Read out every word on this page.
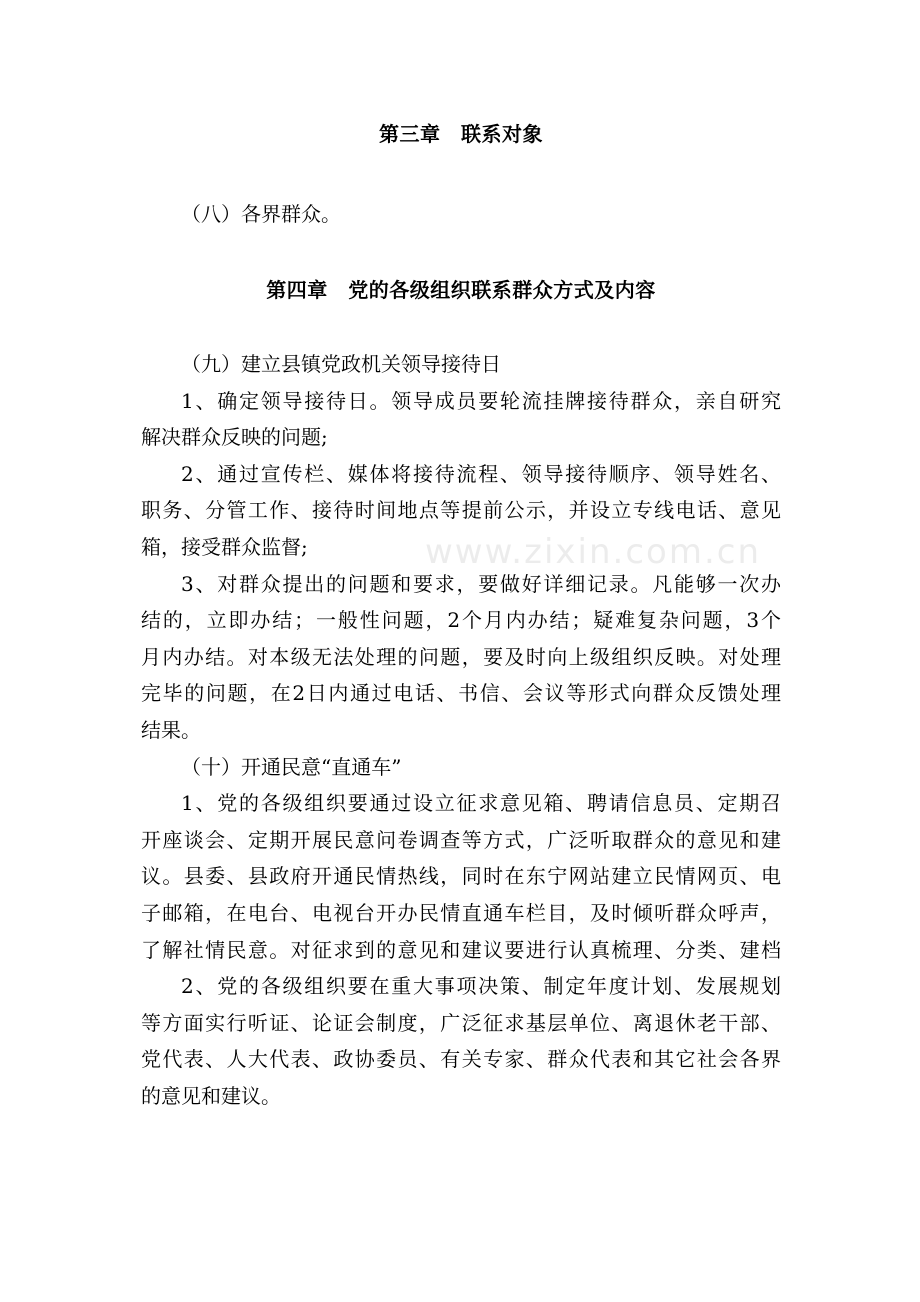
第三章　联系对象
（八）各界群众。
第四章　党的各级组织联系群众方式及内容
（九）建立县镇党政机关领导接待日
1、确定领导接待日。领导成员要轮流挂牌接待群众，亲自研究
解决群众反映的问题;
2、通过宣传栏、媒体将接待流程、领导接待顺序、领导姓名、
职务、分管工作、接待时间地点等提前公示，并设立专线电话、意见
箱，接受群众监督;
3、对群众提出的问题和要求，要做好详细记录。凡能够一次办
结的，立即办结；一般性问题，2个月内办结；疑难复杂问题，3个
月内办结。对本级无法处理的问题，要及时向上级组织反映。对处理
完毕的问题，在2日内通过电话、书信、会议等形式向群众反馈处理
结果。
（十）开通民意“直通车”
1、党的各级组织要通过设立征求意见箱、聘请信息员、定期召
开座谈会、定期开展民意问卷调查等方式，广泛听取群众的意见和建
议。县委、县政府开通民情热线，同时在东宁网站建立民情网页、电
子邮箱，在电台、电视台开办民情直通车栏目，及时倾听群众呼声，
了解社情民意。对征求到的意见和建议要进行认真梳理、分类、建档
2、党的各级组织要在重大事项决策、制定年度计划、发展规划
等方面实行听证、论证会制度，广泛征求基层单位、离退休老干部、
党代表、人大代表、政协委员、有关专家、群众代表和其它社会各界
的意见和建议。
www.zixin.com.cn
